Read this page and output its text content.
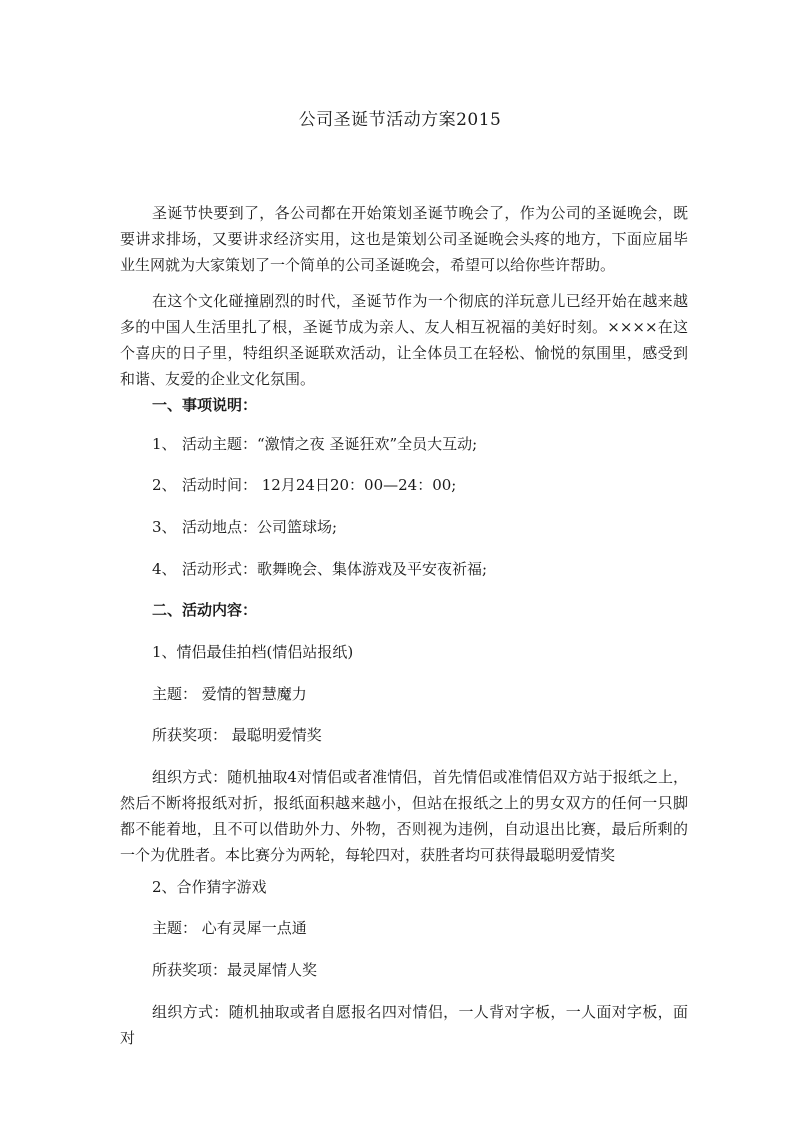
公司圣诞节活动方案2015
圣诞节快要到了，各公司都在开始策划圣诞节晚会了，作为公司的圣诞晚会，既要讲求排场，又要讲求经济实用，这也是策划公司圣诞晚会头疼的地方，下面应届毕业生网就为大家策划了一个简单的公司圣诞晚会，希望可以给你些许帮助。
在这个文化碰撞剧烈的时代，圣诞节作为一个彻底的洋玩意儿已经开始在越来越多的中国人生活里扎了根，圣诞节成为亲人、友人相互祝福的美好时刻。××××在这个喜庆的日子里，特组织圣诞联欢活动，让全体员工在轻松、愉悦的氛围里，感受到和谐、友爱的企业文化氛围。
一、事项说明：
1、 活动主题：“激情之夜 圣诞狂欢”全员大互动;
2、 活动时间： 12月24日20：00—24：00;
3、 活动地点：公司篮球场;
4、 活动形式：歌舞晚会、集体游戏及平安夜祈福;
二、活动内容：
1、情侣最佳拍档(情侣站报纸)
主题： 爱情的智慧魔力
所获奖项： 最聪明爱情奖
组织方式：随机抽取4对情侣或者准情侣，首先情侣或准情侣双方站于报纸之上，然后不断将报纸对折，报纸面积越来越小，但站在报纸之上的男女双方的任何一只脚都不能着地，且不可以借助外力、外物，否则视为违例，自动退出比赛，最后所剩的一个为优胜者。本比赛分为两轮，每轮四对，获胜者均可获得最聪明爱情奖
2、合作猜字游戏
主题： 心有灵犀一点通
所获奖项：最灵犀情人奖
组织方式：随机抽取或者自愿报名四对情侣，一人背对字板，一人面对字板，面对
